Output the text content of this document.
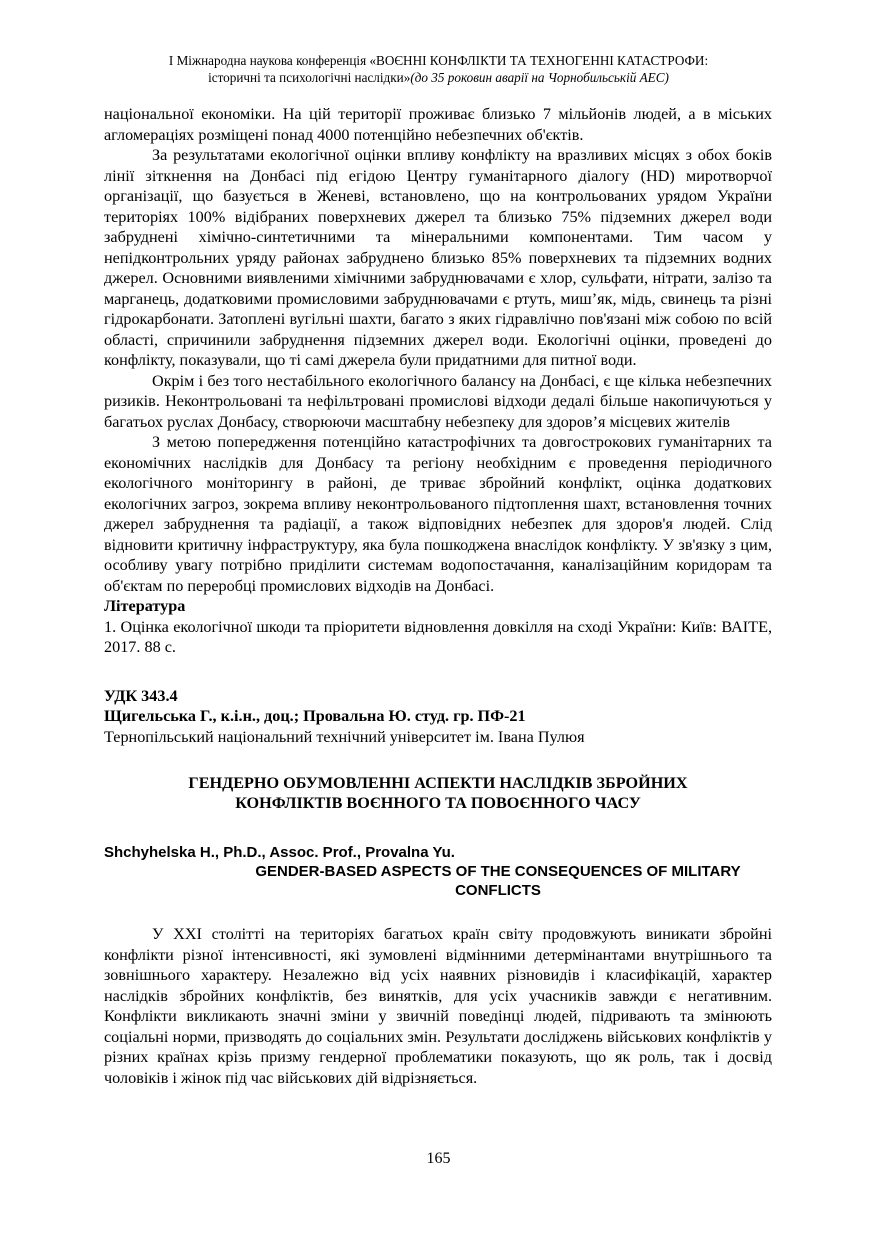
I Міжнародна наукова конференція «ВОЄННІ КОНФЛІКТИ ТА ТЕХНОГЕННІ КАТАСТРОФИ:
історичні та психологічні наслідки»(до 35 роковин аварії на Чорнобильській АЕС)

національної економіки. На цій території проживає близько 7 мільйонів людей, а в міських агломераціях розміщені понад 4000 потенційно небезпечних об'єктів.

За результатами екологічної оцінки впливу конфлікту на вразливих місцях з обох боків лінії зіткнення на Донбасі під егідою Центру гуманітарного діалогу (HD) миротворчої організації, що базується в Женеві, встановлено, що на контрольованих урядом України територіях 100% відібраних поверхневих джерел та близько 75% підземних джерел води забруднені хімічно-синтетичними та мінеральними компонентами. Тим часом у непідконтрольних уряду районах забруднено близько 85% поверхневих та підземних водних джерел. Основними виявленими хімічними забруднювачами є хлор, сульфати, нітрати, залізо та марганець, додатковими промисловими забруднювачами є ртуть, миш’як, мідь, свинець та різні гідрокарбонати. Затоплені вугільні шахти, багато з яких гідравлічно пов'язані між собою по всій області, спричинили забруднення підземних джерел води. Екологічні оцінки, проведені до конфлікту, показували, що ті самі джерела були придатними для питної води.

Окрім і без того нестабільного екологічного балансу на Донбасі, є ще кілька небезпечних ризиків. Неконтрольовані та нефільтровані промислові відходи дедалі більше накопичуються у багатьох руслах Донбасу, створюючи масштабну небезпеку для здоров’я місцевих жителів

З метою попередження потенційно катастрофічних та довгострокових гуманітарних та економічних наслідків для Донбасу та регіону необхідним є проведення періодичного екологічного моніторингу в районі, де триває збройний конфлікт, оцінка додаткових екологічних загроз, зокрема впливу неконтрольованого підтоплення шахт, встановлення точних джерел забруднення та радіації, а також відповідних небезпек для здоров'я людей. Слід відновити критичну інфраструктуру, яка була пошкоджена внаслідок конфлікту. У зв'язку з цим, особливу увагу потрібно приділити системам водопостачання, каналізаційним коридорам та об'єктам по переробці промислових відходів на Донбасі.

Література

1. Оцінка екологічної шкоди та пріоритети відновлення довкілля на сході України: Київ: ВАІТЕ, 2017. 88 с.

УДК 343.4

Щигельська Г., к.і.н., доц.; Провальна Ю. студ. гр. ПФ-21

Тернопільський національний технічний університет ім. Івана Пулюя

ГЕНДЕРНО ОБУМОВЛЕННІ АСПЕКТИ НАСЛІДКІВ ЗБРОЙНИХ

КОНФЛІКТІВ ВОЄННОГО ТА ПОВОЄННОГО ЧАСУ

Shchyhelska H., Ph.D., Assoc. Prof., Provalna Yu.

GENDER-BASED ASPECTS OF THE CONSEQUENCES OF MILITARY

CONFLICTS

У XXI столітті на територіях багатьох країн світу продовжують виникати збройні конфлікти різної інтенсивності, які зумовлені відмінними детермінантами внутрішнього та зовнішнього характеру. Незалежно від усіх наявних різновидів і класифікацій, характер наслідків збройних конфліктів, без винятків, для усіх учасників завжди є негативним. Конфлікти викликають значні зміни у звичній поведінці людей, підривають та змінюють соціальні норми, призводять до соціальних змін. Результати досліджень військових конфліктів у різних країнах крізь призму гендерної проблематики показують, що як роль, так і досвід чоловіків і жінок під час військових дій відрізняється.

165
